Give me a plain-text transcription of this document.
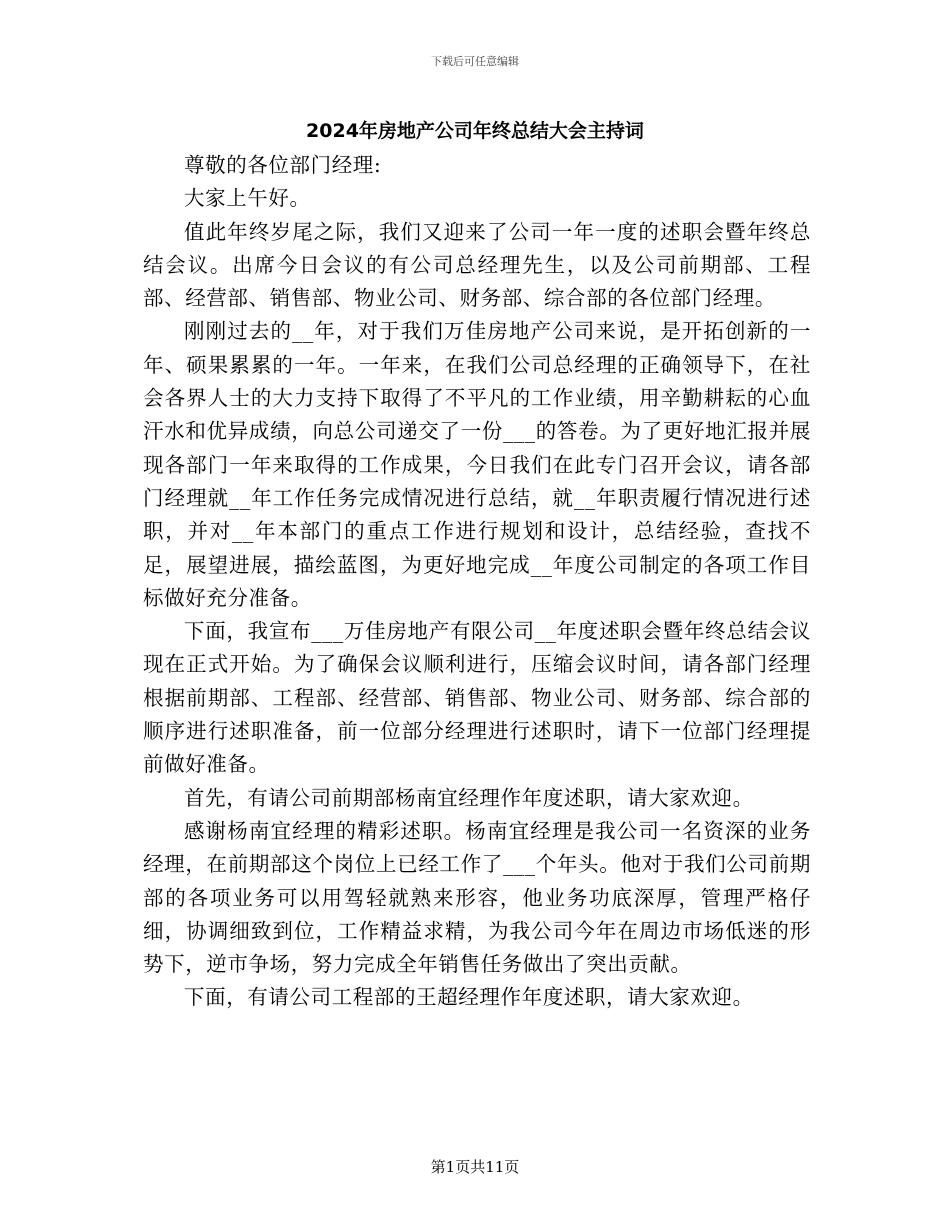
下载后可任意编辑
2024年房地产公司年终总结大会主持词

尊敬的各位部门经理:

大家上午好。

值此年终岁尾之际，我们又迎来了公司一年一度的述职会暨年终总结会议。出席今日会议的有公司总经理先生，以及公司前期部、工程部、经营部、销售部、物业公司、财务部、综合部的各位部门经理。

刚刚过去的__年，对于我们万佳房地产公司来说，是开拓创新的一年、硕果累累的一年。一年来，在我们公司总经理的正确领导下，在社会各界人士的大力支持下取得了不平凡的工作业绩，用辛勤耕耘的心血汗水和优异成绩，向总公司递交了一份___的答卷。为了更好地汇报并展现各部门一年来取得的工作成果，今日我们在此专门召开会议，请各部门经理就__年工作任务完成情况进行总结，就__年职责履行情况进行述职，并对__年本部门的重点工作进行规划和设计，总结经验，查找不足，展望进展，描绘蓝图，为更好地完成__年度公司制定的各项工作目标做好充分准备。

下面，我宣布___万佳房地产有限公司__年度述职会暨年终总结会议现在正式开始。为了确保会议顺利进行，压缩会议时间，请各部门经理根据前期部、工程部、经营部、销售部、物业公司、财务部、综合部的顺序进行述职准备，前一位部分经理进行述职时，请下一位部门经理提前做好准备。

首先，有请公司前期部杨南宜经理作年度述职，请大家欢迎。

感谢杨南宜经理的精彩述职。杨南宜经理是我公司一名资深的业务经理，在前期部这个岗位上已经工作了___个年头。他对于我们公司前期部的各项业务可以用驾轻就熟来形容，他业务功底深厚，管理严格仔细，协调细致到位，工作精益求精，为我公司今年在周边市场低迷的形势下，逆市争场，努力完成全年销售任务做出了突出贡献。

下面，有请公司工程部的王超经理作年度述职，请大家欢迎。

第1页共11页
